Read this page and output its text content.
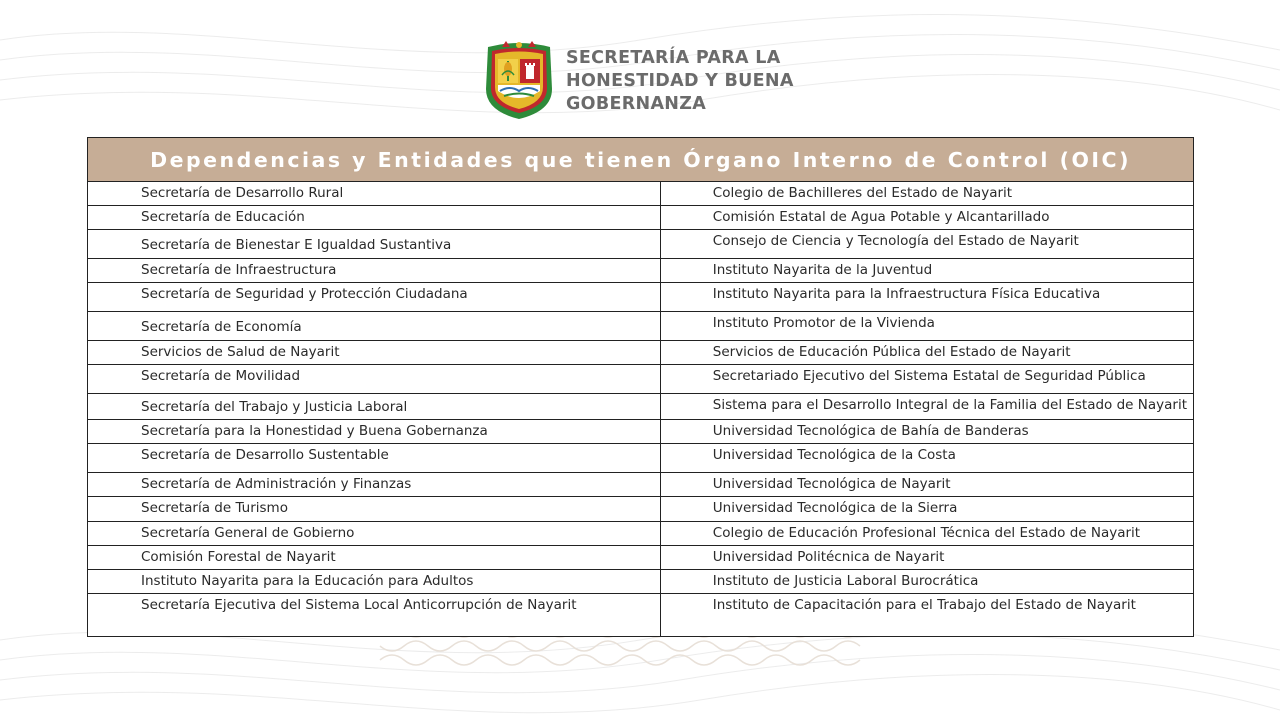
SECRETARÍA PARA LA
HONESTIDAD Y BUENA
GOBERNANZA
Dependencias y Entidades que tienen Órgano Interno de Control (OIC)	
Secretaría de Desarrollo Rural	Colegio de Bachilleres del Estado de Nayarit
Secretaría de Educación	Comisión Estatal de Agua Potable y Alcantarillado
Secretaría de Bienestar E Igualdad Sustantiva	Consejo de Ciencia y Tecnología del Estado de Nayarit
Secretaría de Infraestructura	Instituto Nayarita de la Juventud
Secretaría de Seguridad y Protección Ciudadana	Instituto Nayarita para la Infraestructura Física Educativa
Secretaría de Economía	Instituto Promotor de la Vivienda
Servicios de Salud de Nayarit	Servicios de Educación Pública del Estado de Nayarit
Secretaría de Movilidad	Secretariado Ejecutivo del Sistema Estatal de Seguridad Pública
Secretaría del Trabajo y Justicia Laboral	Sistema para el Desarrollo Integral de la Familia del Estado de Nayarit
Secretaría para la Honestidad y Buena Gobernanza	Universidad Tecnológica de Bahía de Banderas
Secretaría de Desarrollo Sustentable	Universidad Tecnológica de la Costa
Secretaría de Administración y Finanzas	Universidad Tecnológica de Nayarit
Secretaría de Turismo	Universidad Tecnológica de la Sierra
Secretaría General de Gobierno	Colegio de Educación Profesional Técnica del Estado de Nayarit
Comisión Forestal de Nayarit	Universidad Politécnica de Nayarit
Instituto Nayarita para la Educación para Adultos	Instituto de Justicia Laboral Burocrática
Secretaría Ejecutiva del Sistema Local Anticorrupción de Nayarit	Instituto de Capacitación para el Trabajo del Estado de Nayarit
